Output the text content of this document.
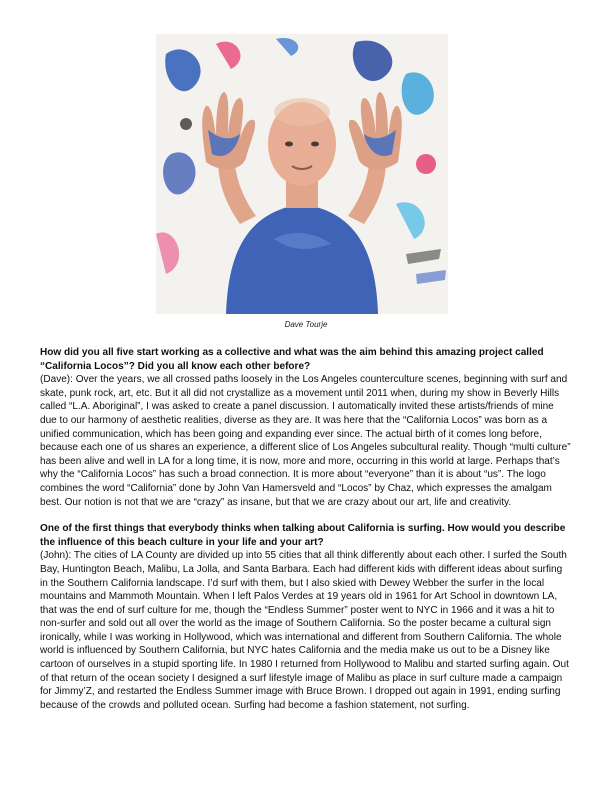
Dave Tourje

How did you all five start working as a collective and what was the aim behind this amazing project called “California Locos”? Did you all know each other before?

(Dave): Over the years, we all crossed paths loosely in the Los Angeles counterculture scenes, beginning with surf and skate, punk rock, art, etc. But it all did not crystallize as a movement until 2011 when, during my show in Beverly Hills called “L.A. Aboriginal”, I was asked to create a panel discussion. I automatically invited these artists/friends of mine due to our harmony of aesthetic realities, diverse as they are. It was here that the “California Locos” was born as a unified communication, which has been going and expanding ever since. The actual birth of it comes long before, because each one of us shares an experience, a different slice of Los Angeles subcultural reality. Though “multi culture” has been alive and well in LA for a long time, it is now, more and more, occurring in this world at large. Perhaps that’s why the “California Locos” has such a broad connection. It is more about “everyone” than it is about “us”. The logo combines the word “California” done by John Van Hamersveld and “Locos” by Chaz, which expresses the amalgam best. Our notion is not that we are “crazy” as insane, but that we are crazy about our art, life and creativity.

One of the first things that everybody thinks when talking about California is surfing. How would you describe the influence of this beach culture in your life and your art?

(John): The cities of LA County are divided up into 55 cities that all think differently about each other. I surfed the South Bay, Huntington Beach, Malibu, La Jolla, and Santa Barbara. Each had different kids with different ideas about surfing in the Southern California landscape. I’d surf with them, but I also skied with Dewey Webber the surfer in the local mountains and Mammoth Mountain. When I left Palos Verdes at 19 years old in 1961 for Art School in downtown LA, that was the end of surf culture for me, though the “Endless Summer” poster went to NYC in 1966 and it was a hit to non-surfer and sold out all over the world as the image of Southern California. So the poster became a cultural sign ironically, while I was working in Hollywood, which was international and different from Southern California. The whole world is influenced by Southern California, but NYC hates California and the media make us out to be a Disney like cartoon of ourselves in a stupid sporting life. In 1980 I returned from Hollywood to Malibu and started surfing again. Out of that return of the ocean society I designed a surf lifestyle image of Malibu as place in surf culture made a campaign for Jimmy’Z, and restarted the Endless Summer image with Bruce Brown. I dropped out again in 1991, ending surfing because of the crowds and polluted ocean. Surfing had become a fashion statement, not surfing.
